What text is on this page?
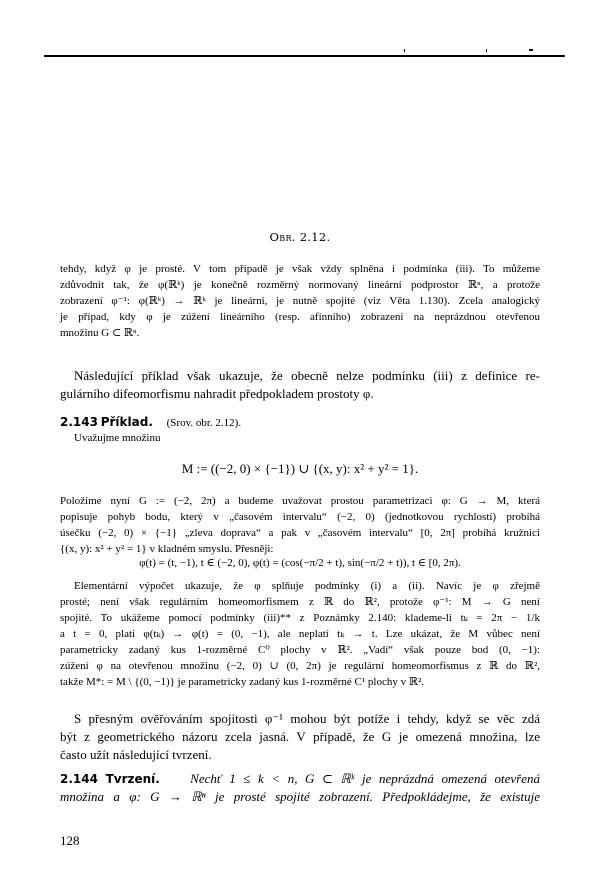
Obr. 2.12.
tehdy, když φ je prosté. V tom případě je však vždy splněna i podmínka (iii). To můžeme
zdůvodnit tak, že φ(ℝᵏ) je konečně rozměrný normovaný lineární podprostor ℝⁿ, a protože
zobrazení φ⁻¹: φ(ℝᵏ) → ℝᵏ je lineární, je nutně spojité (viz Věta 1.130). Zcela analogický
je případ, kdy φ je zúžení lineárního (resp. afinního) zobrazení na neprázdnou otevřenou
množinu G ⊂ ℝⁿ.
Následující příklad však ukazuje, že obecně nelze podmínku (iii) z definice re-
gulárního difeomorfismu nahradit předpokladem prostoty φ.
2.143 Příklad. (Srov. obr. 2.12).
Uvažujme množinu
M := ((−2, 0) × {−1}) ∪ {(x, y): x² + y² = 1}.
Položíme nyní G := (−2, 2π) a budeme uvažovat prostou parametrizaci φ: G → M, která
popisuje pohyb bodu, který v „časovém intervalu“ (−2, 0) (jednotkovou rychlostí) probíhá
úsečku (−2, 0) × {−1} „zleva doprava“ a pak v „časovém intervalu“ [0, 2π] probíhá kružnici
{(x, y): x² + y² = 1} v kladném smyslu. Přesněji:
φ(t) = (t, −1), t ∈ (−2, 0), φ(t) = (cos(−π/2 + t), sin(−π/2 + t)), t ∈ [0, 2π).
Elementární výpočet ukazuje, že φ splňuje podmínky (i) a (ii). Navíc je φ zřejmě
prosté; není však regulárním homeomorfismem z ℝ do ℝ², protože φ⁻¹: M → G není
spojité. To ukážeme pomocí podmínky (iii)** z Poznámky 2.140: klademe-li tₖ = 2π − 1/k
a t = 0, platí φ(tₖ) → φ(t) = (0, −1), ale neplatí tₖ → t. Lze ukázat, že M vůbec není
parametricky zadaný kus 1-rozměrné C⁰ plochy v ℝ². „Vadí“ však pouze bod (0, −1):
zúžení φ na otevřenou množinu (−2, 0) ∪ (0, 2π) je regulární homeomorfismus z ℝ do ℝ²,
takže M*: = M \ {(0, −1)} je parametricky zadaný kus 1-rozměrné C¹ plochy v ℝ².
S přesným ověřováním spojitosti φ⁻¹ mohou být potíže i tehdy, když se věc zdá
být z geometrického názoru zcela jasná. V případě, že G je omezená množina, lze
často užít následující tvrzení.
2.144 Tvrzení. Nechť 1 ≤ k < n, G ⊂ ℝᵏ je neprázdná omezená otevřená
množina a φ: G → ℝⁿ je prosté spojité zobrazení. Předpokládejme, že existuje
128
